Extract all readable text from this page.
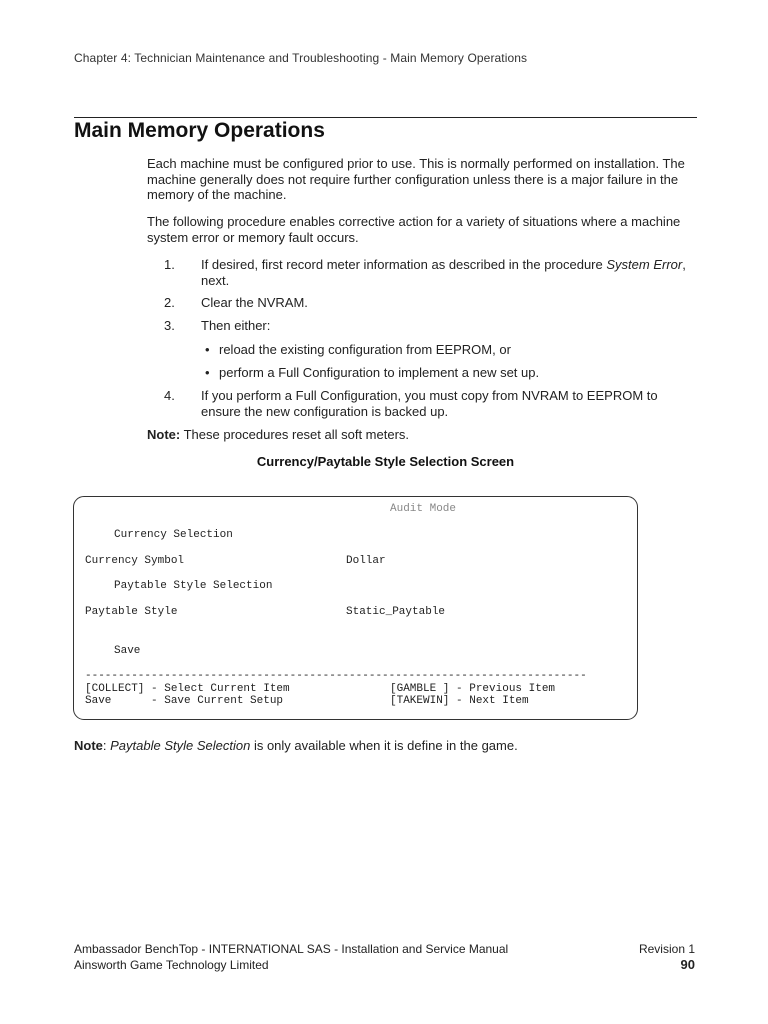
Chapter 4: Technician Maintenance and Troubleshooting - Main Memory Operations
Main Memory Operations
Each machine must be configured prior to use. This is normally performed on installation. The machine generally does not require further configuration unless there is a major failure in the memory of the machine.
The following procedure enables corrective action for a variety of situations where a machine system error or memory fault occurs.
1.	If desired, first record meter information as described in the procedure System Error, next.
2.	Clear the NVRAM.
3.	Then either:
• reload the existing configuration from EEPROM, or
• perform a Full Configuration to implement a new set up.
4.	If you perform a Full Configuration, you must copy from NVRAM to EEPROM to ensure the new configuration is backed up.
Note: These procedures reset all soft meters.
Currency/Paytable Style Selection Screen
Audit Mode
Currency Selection
Currency Symbol	Dollar
Paytable Style Selection
Paytable Style	Static_Paytable
Save
----------------------------------------------------------------------------
[COLLECT] - Select Current Item	[GAMBLE ] - Previous Item
Save      - Save Current Setup	[TAKEWIN] - Next Item
Note: Paytable Style Selection is only available when it is define in the game.
Ambassador BenchTop - INTERNATIONAL SAS - Installation and Service Manual
Ainsworth Game Technology Limited
Revision 1
90
